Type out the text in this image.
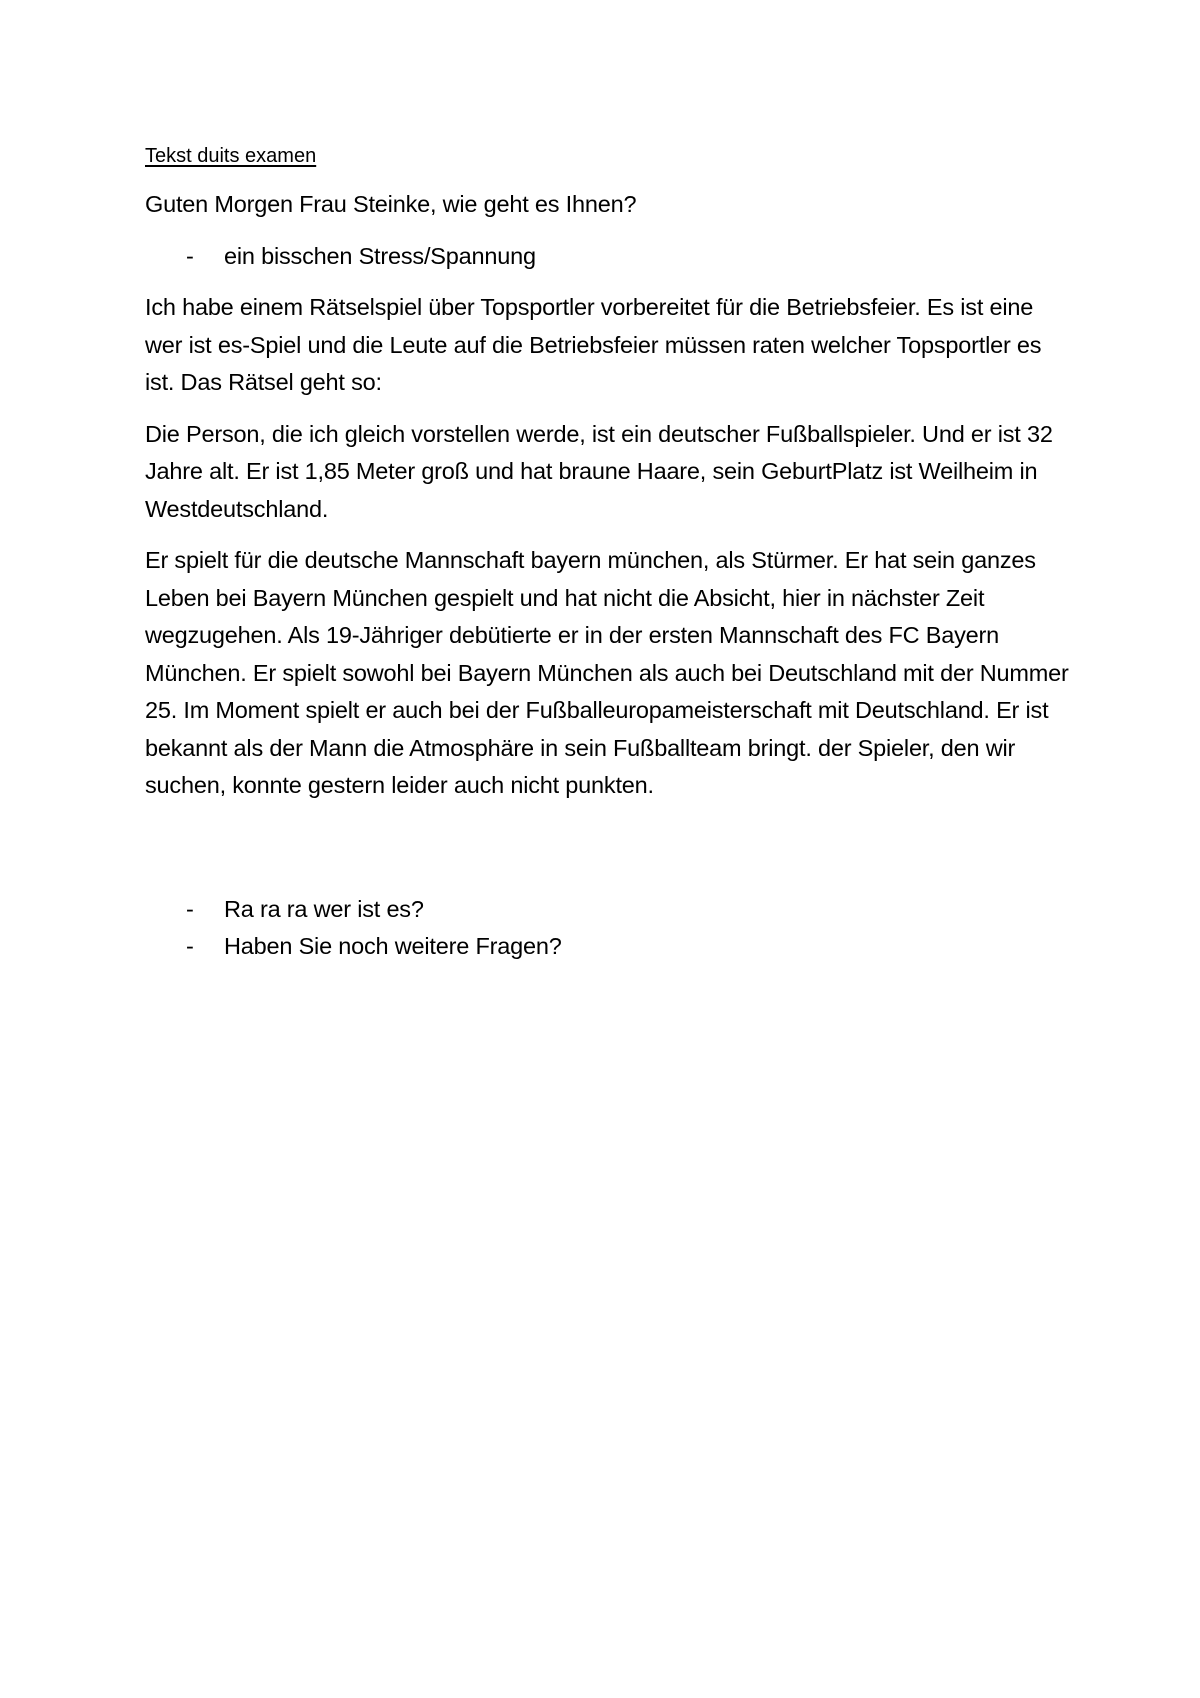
Tekst duits examen

Guten Morgen Frau Steinke, wie geht es Ihnen?

-	ein bisschen Stress/Spannung

Ich habe einem Rätselspiel über Topsportler vorbereitet für die Betriebsfeier. Es ist eine wer ist es-Spiel und die Leute auf die Betriebsfeier müssen raten welcher Topsportler es ist. Das Rätsel geht so:

Die Person, die ich gleich vorstellen werde, ist ein deutscher Fußballspieler. Und er ist 32 Jahre alt. Er ist 1,85 Meter groß und hat braune Haare, sein GeburtPlatz ist Weilheim in Westdeutschland.

Er spielt für die deutsche Mannschaft bayern münchen, als Stürmer. Er hat sein ganzes Leben bei Bayern München gespielt und hat nicht die Absicht, hier in nächster Zeit wegzugehen. Als 19-Jähriger debütierte er in der ersten Mannschaft des FC Bayern München. Er spielt sowohl bei Bayern München als auch bei Deutschland mit der Nummer 25. Im Moment spielt er auch bei der Fußballeuropameisterschaft mit Deutschland. Er ist bekannt als der Mann die Atmosphäre in sein Fußballteam bringt. der Spieler, den wir suchen, konnte gestern leider auch nicht punkten.

-	Ra ra ra wer ist es?
-	Haben Sie noch weitere Fragen?
